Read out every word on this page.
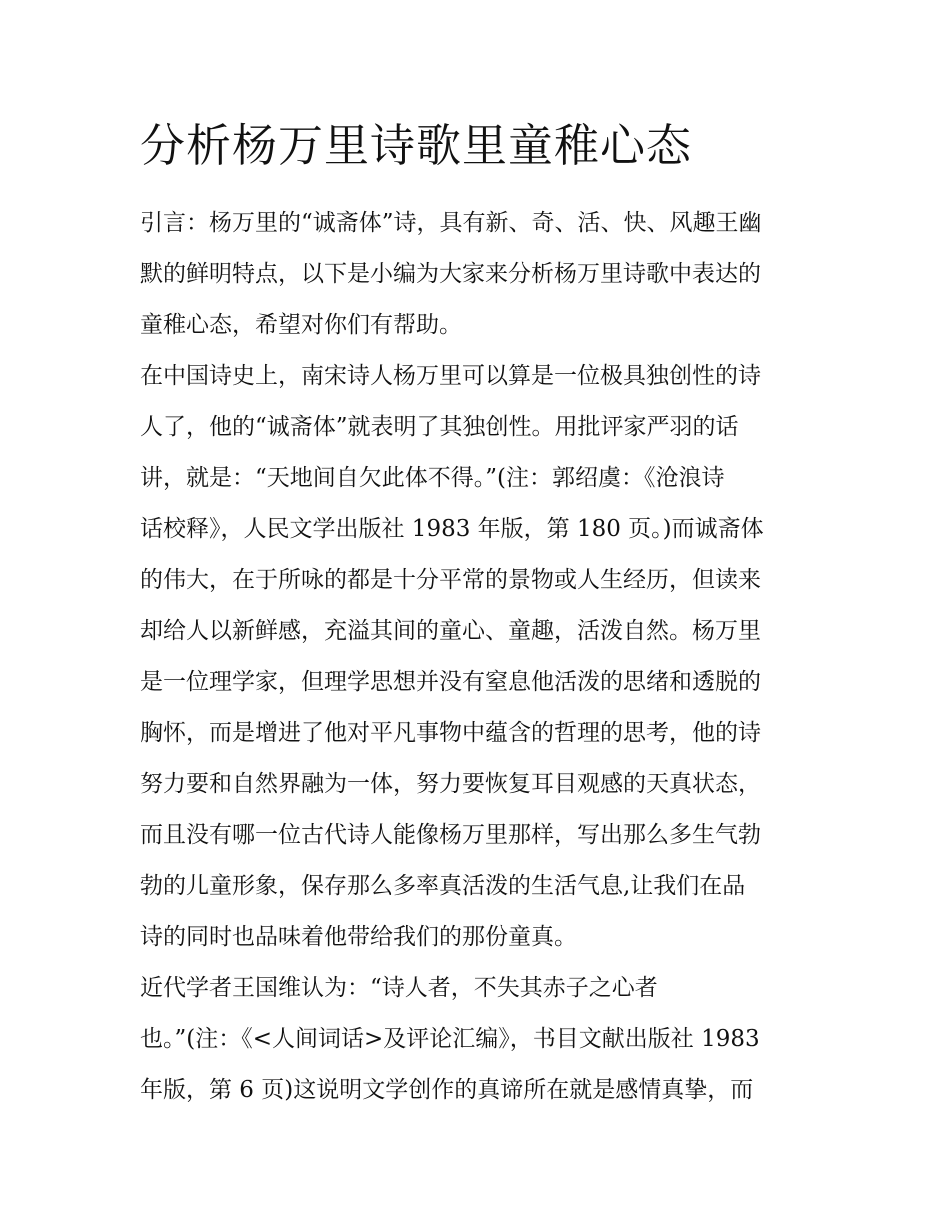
分析杨万里诗歌里童稚心态
引言：杨万里的“诚斋体”诗，具有新、奇、活、快、风趣王幽
默的鲜明特点，以下是小编为大家来分析杨万里诗歌中表达的
童稚心态，希望对你们有帮助。
在中国诗史上，南宋诗人杨万里可以算是一位极具独创性的诗
人了，他的“诚斋体”就表明了其独创性。用批评家严羽的话
讲，就是：“天地间自欠此体不得。”(注：郭绍虞：《沧浪诗
话校释》，人民文学出版社 1983 年版，第 180 页。)而诚斋体
的伟大，在于所咏的都是十分平常的景物或人生经历，但读来
却给人以新鲜感，充溢其间的童心、童趣，活泼自然。杨万里
是一位理学家，但理学思想并没有窒息他活泼的思绪和透脱的
胸怀，而是增进了他对平凡事物中蕴含的哲理的思考，他的诗
努力要和自然界融为一体，努力要恢复耳目观感的天真状态，
而且没有哪一位古代诗人能像杨万里那样，写出那么多生气勃
勃的儿童形象，保存那么多率真活泼的生活气息,让我们在品
诗的同时也品味着他带给我们的那份童真。
近代学者王国维认为：“诗人者，不失其赤子之心者
也。”(注：《<人间词话>及评论汇编》，书目文献出版社 1983
年版，第 6 页)这说明文学创作的真谛所在就是感情真挚，而
